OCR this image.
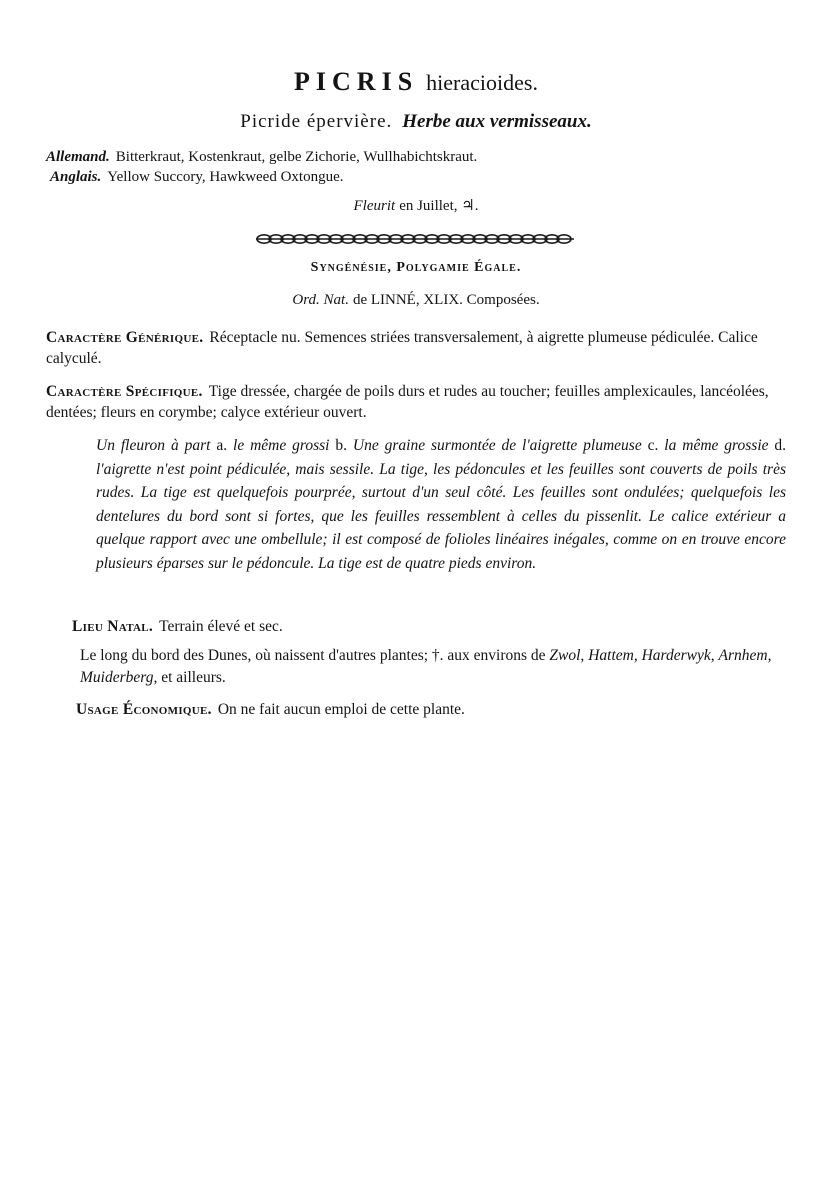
PICRIS hieracioides.
Picride épervière. Herbe aux vermisseaux.
Allemand. Bitterkraut, Kostenkraut, gelbe Zichorie, Wullhabichtskraut.
Anglais. Yellow Succory, Hawkweed Oxtongue.
Fleurit en Juillet, ♃.
Syngénésie, Polygamie Égale.
Ord. Nat. de LINNÉ, XLIX. Composées.
Caractère Générique. Réceptacle nu. Semences striées transversalement, à aigrette plumeuse pédiculée. Calice calyculé.
Caractère Spécifique. Tige dressée, chargée de poils durs et rudes au toucher; feuilles amplexicaules, lancéolées, dentées; fleurs en corymbe; calyce extérieur ouvert.
Un fleuron à part a. le même grossi b. Une graine surmontée de l'aigrette plumeuse c. la même grossie d. l'aigrette n'est point pédiculée, mais sessile. La tige, les pédoncules et les feuilles sont couverts de poils très rudes. La tige est quelquefois pourprée, surtout d'un seul côté. Les feuilles sont ondulées; quelquefois les dentelures du bord sont si fortes, que les feuilles ressemblent à celles du pissenlit. Le calice extérieur a quelque rapport avec une ombellule; il est composé de folioles linéaires inégales, comme on en trouve encore plusieurs éparses sur le pédoncule. La tige est de quatre pieds environ.
Lieu Natal. Terrain élevé et sec.
Le long du bord des Dunes, où naissent d'autres plantes; †. aux environs de Zwol, Hattem, Harderwyk, Arnhem, Muiderberg, et ailleurs.
Usage Économique. On ne fait aucun emploi de cette plante.
